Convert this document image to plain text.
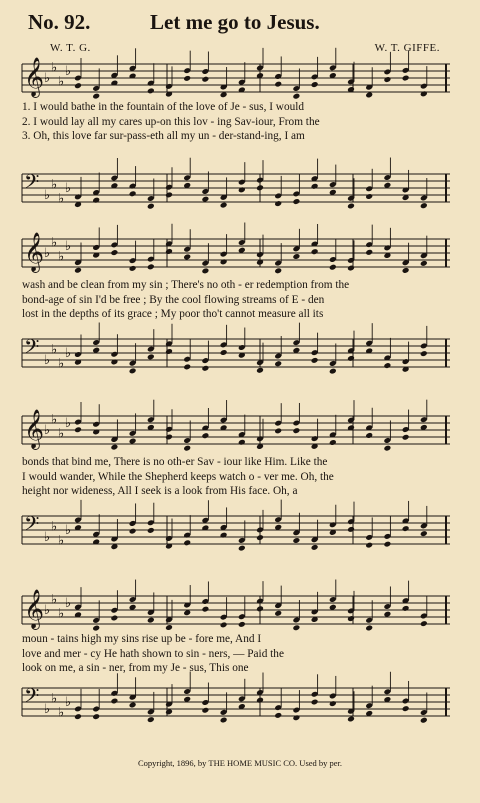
No. 92.	Let me go to Jesus.
W. T. G.	W. T. GIFFE.
𝄞 ♭
♭
♭
♭
1. I would bathe in the fountain of the love of Je - sus, I would
2. I would lay all my cares up-on this lov - ing Sav-iour, From the
3. Oh, this love far sur-pass-eth all my un - der-stand-ing, I am
𝄢 ♭
♭
♭
♭
𝄞 ♭
♭
♭
♭
wash and be clean from my sin ; There's no oth - er redemption from the
bond-age of sin I'd be free ; By the cool flowing streams of E - den
lost in the depths of its grace ; My poor tho't cannot measure all its
𝄢 ♭
♭
♭
♭
𝄞 ♭
♭
♭
♭
bonds that bind me, There is no oth-er Sav - iour like Him. Like the
I would wander, While the Shepherd keeps watch o - ver me. Oh, the
height nor wideness, All I seek is a look from His face. Oh, a
𝄢 ♭
♭
♭
♭
𝄞 ♭
♭
♭
♭
moun - tains high my sins rise up be - fore me, And I
love and mer - cy He hath shown to sin - ners, — Paid the
look on me, a sin - ner, from my Je - sus, This one
𝄢 ♭
♭
♭
♭
Copyright, 1896, by THE HOME MUSIC CO. Used by per.
